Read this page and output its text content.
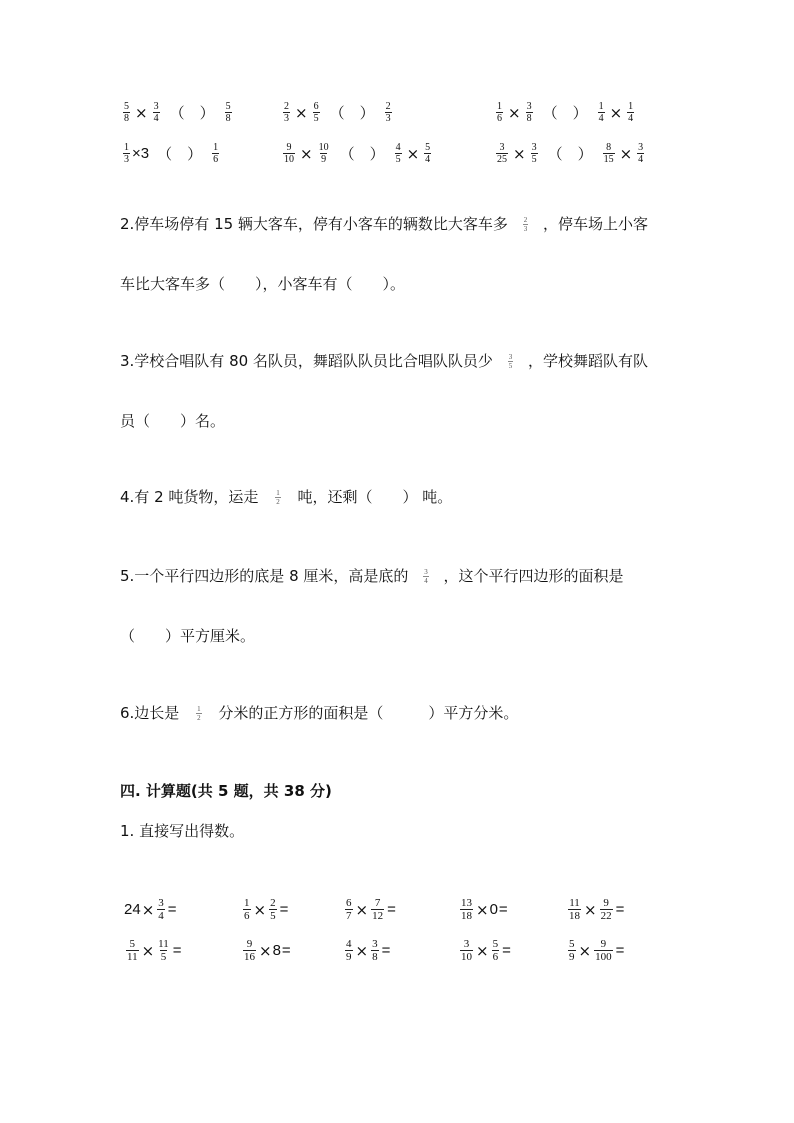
$\frac{5}{8} \times \frac{3}{4}$ （　） $\frac{5}{8}$	$\frac{2}{3} \times \frac{6}{5}$ （　） $\frac{2}{3}$	$\frac{1}{6} \times \frac{3}{8}$ （　） $\frac{1}{4} \times \frac{1}{4}$
$\frac{1}{3} \times 3$ （　） $\frac{1}{6}$	$\frac{9}{10} \times \frac{10}{9}$ （　） $\frac{4}{5} \times \frac{5}{4}$	$\frac{3}{25} \times \frac{3}{5}$ （　） $\frac{8}{15} \times \frac{3}{4}$
2.停车场停有 15 辆大客车，停有小客车的辆数比大客车多 $\frac{2}{3}$ ，停车场上小客
车比大客车多（　　），小客车有（　　）。
3.学校合唱队有 80 名队员，舞蹈队队员比合唱队队员少 $\frac{3}{5}$ ，学校舞蹈队有队
员（　　）名。
4.有 2 吨货物，运走 $\frac{1}{2}$ 吨，还剩（　　） 吨。
5.一个平行四边形的底是 8 厘米，高是底的 $\frac{3}{4}$ ，这个平行四边形的面积是
（　　）平方厘米。
6.边长是 $\frac{1}{2}$ 分米的正方形的面积是（　　　）平方分米。
四. 计算题(共 5 题，共 38 分)
1. 直接写出得数。
$24\times \frac{3}{4}$ =	$\frac{1}{6} \times \frac{2}{5}$ =	$\frac{6}{7} \times \frac{7}{12}$ =	$\frac{13}{18} \times 0=$	$\frac{11}{18} \times \frac{9}{22}$ =
$\frac{5}{11} \times \frac{11}{5}$ =	$\frac{9}{16} \times 8=$	$\frac{4}{9} \times \frac{3}{8}$ =	$\frac{3}{10} \times \frac{5}{6}$ =	$\frac{5}{9} \times \frac{9}{100}$ =
